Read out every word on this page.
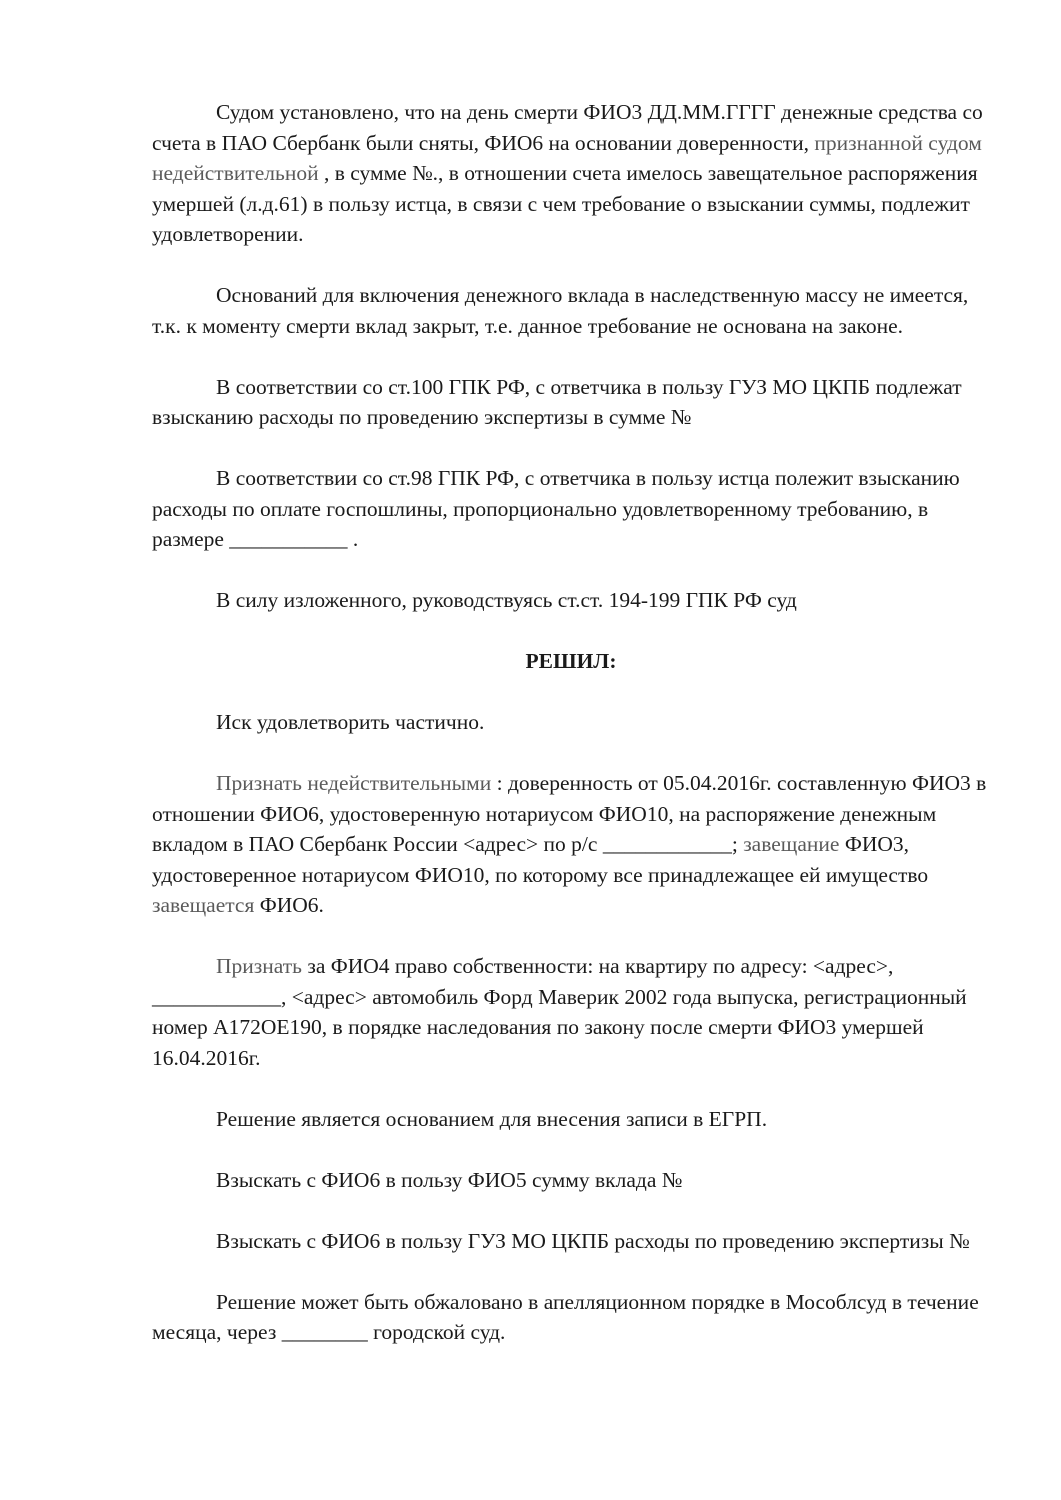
Судом установлено, что на день смерти ФИО3 ДД.ММ.ГГГГ денежные средства со счета в ПАО Сбербанк были сняты, ФИО6 на основании доверенности, признанной судом недействительной , в сумме №., в отношении счета имелось завещательное распоряжения умершей (л.д.61) в пользу истца, в связи с чем требование о взыскании суммы, подлежит удовлетворении.

Оснований для включения денежного вклада в наследственную массу не имеется, т.к. к моменту смерти вклад закрыт, т.е. данное требование не основана на законе.

В соответствии со ст.100 ГПК РФ, с ответчика в пользу ГУЗ МО ЦКПБ подлежат взысканию расходы по проведению экспертизы в сумме №

В соответствии со ст.98 ГПК РФ, с ответчика в пользу истца полежит взысканию расходы по оплате госпошлины, пропорционально удовлетворенному требованию, в размере ___________ .

В силу изложенного, руководствуясь ст.ст. 194-199 ГПК РФ суд

РЕШИЛ:

Иск удовлетворить частично.

Признать недействительными : доверенность от 05.04.2016г. составленную ФИО3 в отношении ФИО6, удостоверенную нотариусом ФИО10, на распоряжение денежным вкладом в ПАО Сбербанк России <адрес> по р/с ____________; завещание ФИО3, удостоверенное нотариусом ФИО10, по которому все принадлежащее ей имущество завещается ФИО6.

Признать за ФИО4 право собственности: на квартиру по адресу: <адрес>, ____________, <адрес> автомобиль Форд Маверик 2002 года выпуска, регистрационный номер А172ОЕ190, в порядке наследования по закону после смерти ФИО3 умершей 16.04.2016г.

Решение является основанием для внесения записи в ЕГРП.

Взыскать с ФИО6 в пользу ФИО5 сумму вклада №

Взыскать с ФИО6 в пользу ГУЗ МО ЦКПБ расходы по проведению экспертизы №

Решение может быть обжаловано в апелляционном порядке в Мособлсуд в течение месяца, через ________ городской суд.
